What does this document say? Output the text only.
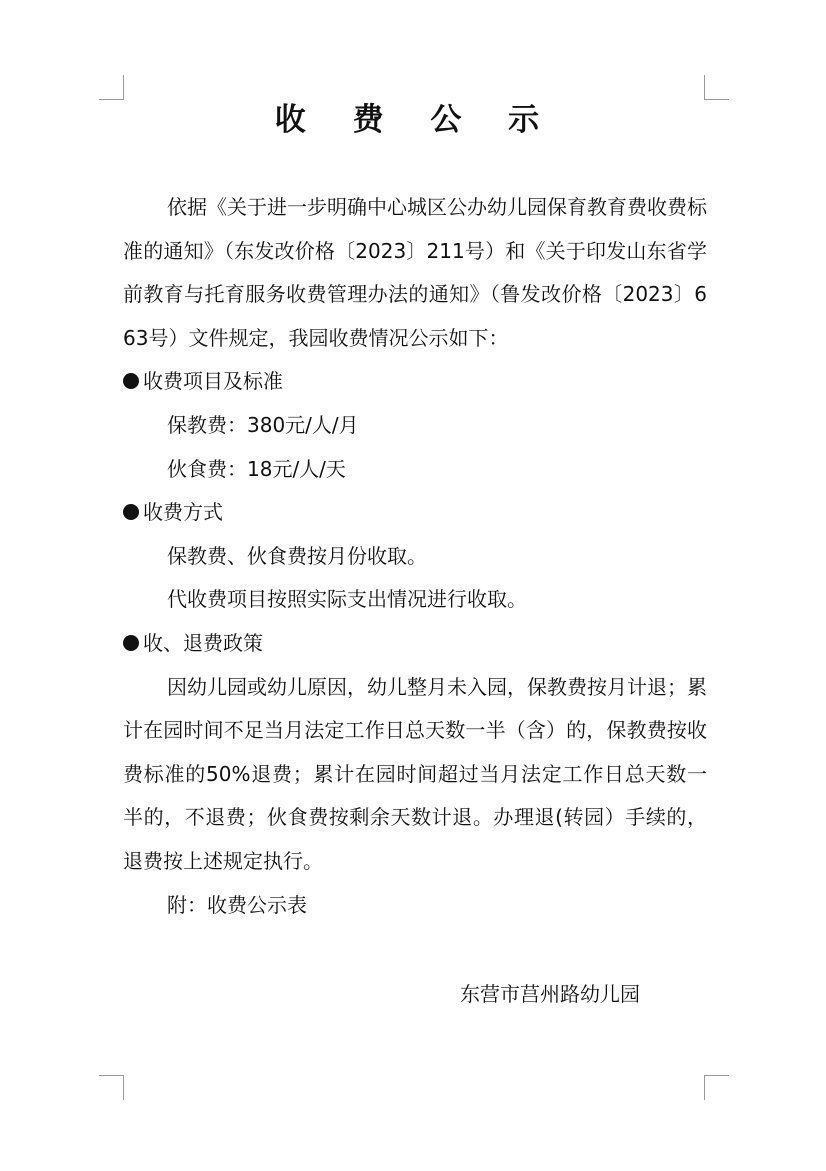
收 费 公 示

依据《关于进一步明确中心城区公办幼儿园保育教育费收费标准的通知》（东发改价格〔2023〕211号）和《关于印发山东省学前教育与托育服务收费管理办法的通知》（鲁发改价格〔2023〕663号）文件规定，我园收费情况公示如下：

收费项目及标准

保教费：380元/人/月

伙食费：18元/人/天

收费方式

保教费、伙食费按月份收取。

代收费项目按照实际支出情况进行收取。

收、退费政策

因幼儿园或幼儿原因，幼儿整月未入园，保教费按月计退；累计在园时间不足当月法定工作日总天数一半（含）的，保教费按收费标准的50%退费；累计在园时间超过当月法定工作日总天数一半的，不退费；伙食费按剩余天数计退。办理退(转园）手续的，退费按上述规定执行。

附：收费公示表

东营市莒州路幼儿园
